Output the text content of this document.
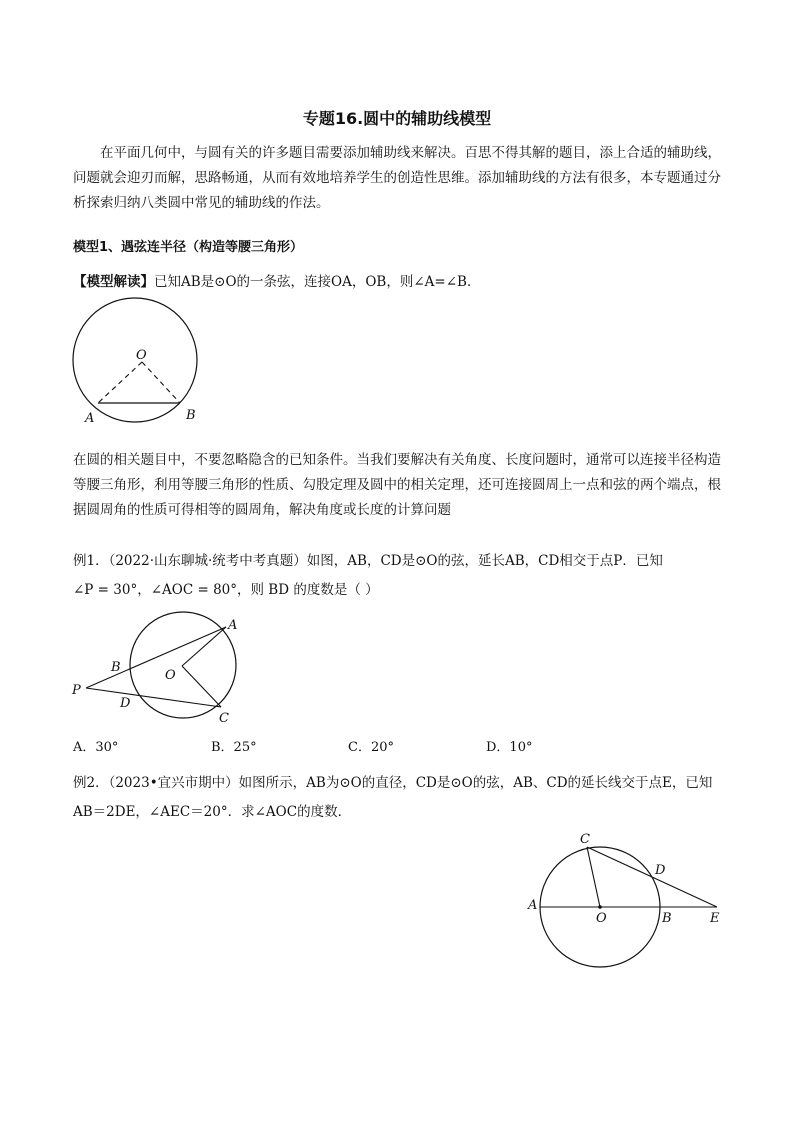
专题16.圆中的辅助线模型
在平面几何中，与圆有关的许多题目需要添加辅助线来解决。百思不得其解的题目，添上合适的辅助线，问题就会迎刃而解，思路畅通，从而有效地培养学生的创造性思维。添加辅助线的方法有很多，本专题通过分析探索归纳八类圆中常见的辅助线的作法。
模型1、遇弦连半径（构造等腰三角形）
【模型解读】已知AB是⊙O的一条弦，连接OA，OB，则∠A=∠B．
O
A	B
在圆的相关题目中，不要忽略隐含的已知条件。当我们要解决有关角度、长度问题时，通常可以连接半径构造等腰三角形，利用等腰三角形的性质、勾股定理及圆中的相关定理，还可连接圆周上一点和弦的两个端点，根据圆周角的性质可得相等的圆周角，解决角度或长度的计算问题
例1．（2022·山东聊城·统考中考真题）如图，AB，CD是⊙O的弦，延长AB，CD相交于点P．已知
∠P = 30°，∠AOC = 80°，则 BD 的度数是（ ）
A
B
O
P
D
C
A．30°	B．25°	C．20°	D．10°
例2．（2023•宜兴市期中）如图所示，AB为⊙O的直径，CD是⊙O的弦，AB、CD的延长线交于点E，已知
AB＝2DE，∠AEC＝20°．求∠AOC的度数．
C
D
A
O	B	E
